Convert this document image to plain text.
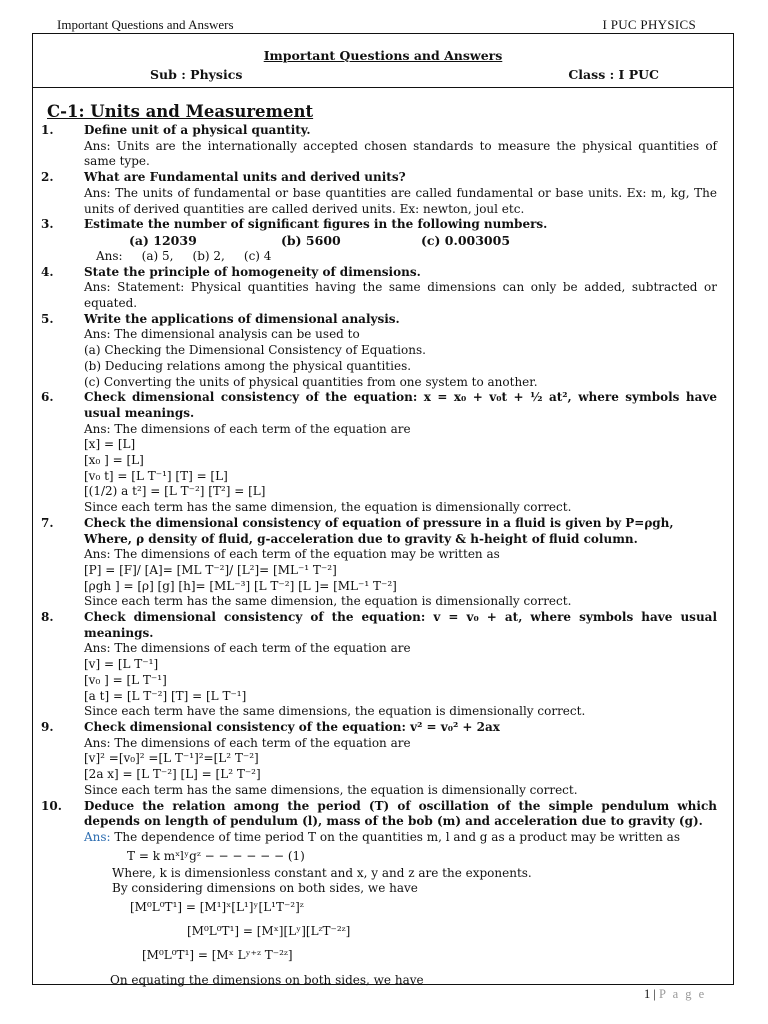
Important Questions and Answers	I PUC PHYSICS
Important Questions and Answers
Sub : Physics	Class : I PUC
C-1: Units and Measurement
1.	Define unit of a physical quantity.
Ans: Units are the internationally accepted chosen standards to measure the physical quantities of same type.
2.	What are Fundamental units and derived units?
Ans: The units of fundamental or base quantities are called fundamental or base units. Ex: m, kg, The units of derived quantities are called derived units. Ex: newton, joul etc.
3.	Estimate the number of significant figures in the following numbers.
(a) 12039	(b) 5600	(c) 0.003005
Ans:     (a) 5,     (b) 2,     (c) 4
4.	State the principle of homogeneity of dimensions.
Ans: Statement: Physical quantities having the same dimensions can only be added, subtracted or equated.
5.	Write the applications of dimensional analysis.
Ans: The dimensional analysis can be used to
(a) Checking the Dimensional Consistency of Equations.
(b) Deducing relations among the physical quantities.
(c) Converting the units of physical quantities from one system to another.
6.	Check dimensional consistency of the equation: x = x₀ + v₀t + ½ at², where symbols have usual meanings.
Ans: The dimensions of each term of the equation are
[x] = [L]
[x₀ ] = [L]
[v₀ t] = [L T⁻¹] [T] = [L]
[(1/2) a t²] = [L T⁻²] [T²] = [L]
Since each term has the same dimension, the equation is dimensionally correct.
7.	Check the dimensional consistency of equation of pressure in a fluid is given by P=ρgh,
Where, ρ density of fluid, g-acceleration due to gravity & h-height of fluid column.
Ans: The dimensions of each term of the equation may be written as
[P] = [F]/ [A]= [ML T⁻²]/ [L²]= [ML⁻¹ T⁻²]
[ρgh ] = [ρ] [g] [h]= [ML⁻³] [L T⁻²] [L ]= [ML⁻¹ T⁻²]
Since each term has the same dimension, the equation is dimensionally correct.
8.	Check dimensional consistency of the equation: v = v₀ + at, where symbols have usual meanings.
Ans: The dimensions of each term of the equation are
[v] = [L T⁻¹]
[v₀ ] = [L T⁻¹]
[a t] = [L T⁻²] [T] = [L T⁻¹]
Since each term have the same dimensions, the equation is dimensionally correct.
9.	Check dimensional consistency of the equation: v² = v₀² + 2ax
Ans: The dimensions of each term of the equation are
[v]² =[v₀]² =[L T⁻¹]²=[L² T⁻²]
[2a x] = [L T⁻²] [L] = [L² T⁻²]
Since each term has the same dimensions, the equation is dimensionally correct.
10. Deduce the relation among the period (T) of oscillation of the simple pendulum which depends on length of pendulum (l), mass of the bob (m) and acceleration due to gravity (g).
Ans: The dependence of time period T on the quantities m, l and g as a product may be written as
T = k mˣlʸgᶻ − − − − − − (1)
Where, k is dimensionless constant and x, y and z are the exponents.
By considering dimensions on both sides, we have
[M⁰L⁰T¹] = [M¹]ˣ[L¹]ʸ[L¹T⁻²]ᶻ
[M⁰L⁰T¹] = [Mˣ][Lʸ][LᶻT⁻²ᶻ]
[M⁰L⁰T¹] = [Mˣ Lʸ⁺ᶻ T⁻²ᶻ]
On equating the dimensions on both sides, we have
1 | P a g e
